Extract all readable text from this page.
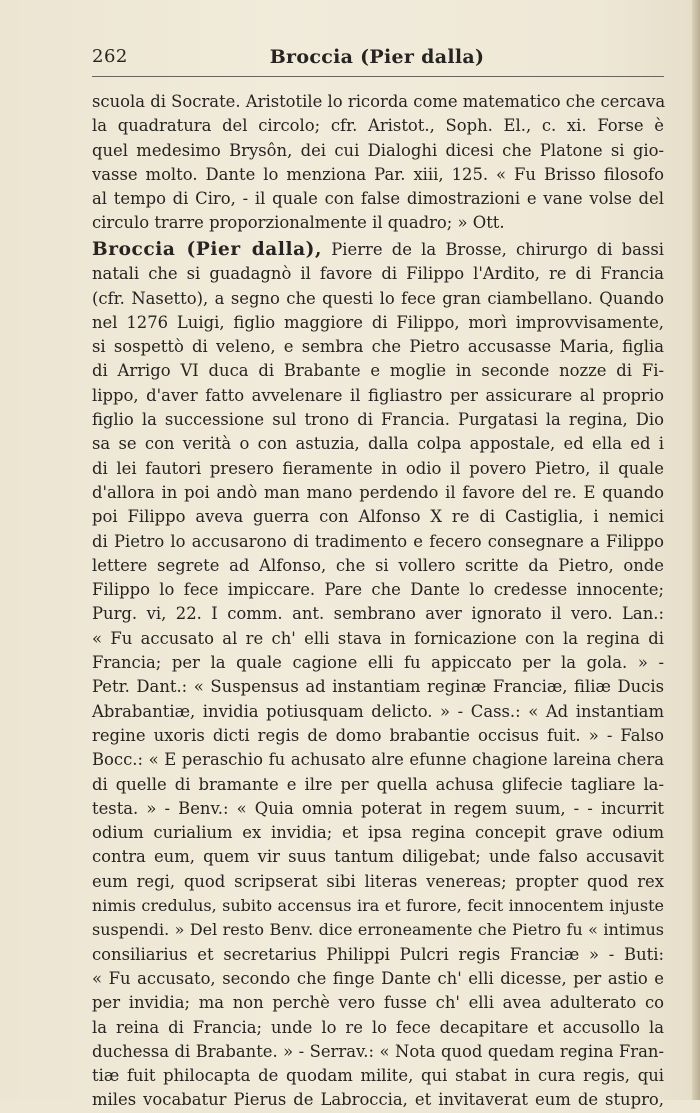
262	Broccia (Pier dalla)
scuola di Socrate. Aristotile lo ricorda come matematico che cercava
la quadratura del circolo; cfr. Aristot., Soph. El., c. xi. Forse è
quel medesimo Brysôn, dei cui Dialoghi dicesi che Platone si gio-
vasse molto. Dante lo menziona Par. xiii, 125. « Fu Brisso filosofo
al tempo di Ciro, - il quale con false dimostrazioni e vane volse del
circulo trarre proporzionalmente il quadro; » Ott.
Broccia (Pier dalla), Pierre de la Brosse, chirurgo di bassi
natali che si guadagnò il favore di Filippo l'Ardito, re di Francia
(cfr. Nasetto), a segno che questi lo fece gran ciambellano. Quando
nel 1276 Luigi, figlio maggiore di Filippo, morì improvvisamente,
si sospettò di veleno, e sembra che Pietro accusasse Maria, figlia
di Arrigo VI duca di Brabante e moglie in seconde nozze di Fi-
lippo, d'aver fatto avvelenare il figliastro per assicurare al proprio
figlio la successione sul trono di Francia. Purgatasi la regina, Dio
sa se con verità o con astuzia, dalla colpa appostale, ed ella ed i
di lei fautori presero fieramente in odio il povero Pietro, il quale
d'allora in poi andò man mano perdendo il favore del re. E quando
poi Filippo aveva guerra con Alfonso X re di Castiglia, i nemici
di Pietro lo accusarono di tradimento e fecero consegnare a Filippo
lettere segrete ad Alfonso, che si vollero scritte da Pietro, onde
Filippo lo fece impiccare. Pare che Dante lo credesse innocente;
Purg. vi, 22. I comm. ant. sembrano aver ignorato il vero. Lan.:
« Fu accusato al re ch' elli stava in fornicazione con la regina di
Francia; per la quale cagione elli fu appiccato per la gola. » -
Petr. Dant.: « Suspensus ad instantiam reginæ Franciæ, filiæ Ducis
Abrabantiæ, invidia potiusquam delicto. » - Cass.: « Ad instantiam
regine uxoris dicti regis de domo brabantie occisus fuit. » - Falso
Bocc.: « E peraschio fu achusato alre efunne chagione lareina chera
di quelle di bramante e ilre per quella achusa glifecie tagliare la-
testa. » - Benv.: « Quia omnia poterat in regem suum, - - incurrit
odium curialium ex invidia; et ipsa regina concepit grave odium
contra eum, quem vir suus tantum diligebat; unde falso accusavit
eum regi, quod scripserat sibi literas venereas; propter quod rex
nimis credulus, subito accensus ira et furore, fecit innocentem injuste
suspendi. » Del resto Benv. dice erroneamente che Pietro fu « intimus
consiliarius et secretarius Philippi Pulcri regis Franciæ » - Buti:
« Fu accusato, secondo che finge Dante ch' elli dicesse, per astio e
per invidia; ma non perchè vero fusse ch' elli avea adulterato co
la reina di Francia; unde lo re lo fece decapitare et accusollo la
duchessa di Brabante. » - Serrav.: « Nota quod quedam regina Fran-
tiæ fuit philocapta de quodam milite, qui stabat in cura regis, qui
miles vocabatur Pierus de Labroccia, et invitaverat eum de stupro,
